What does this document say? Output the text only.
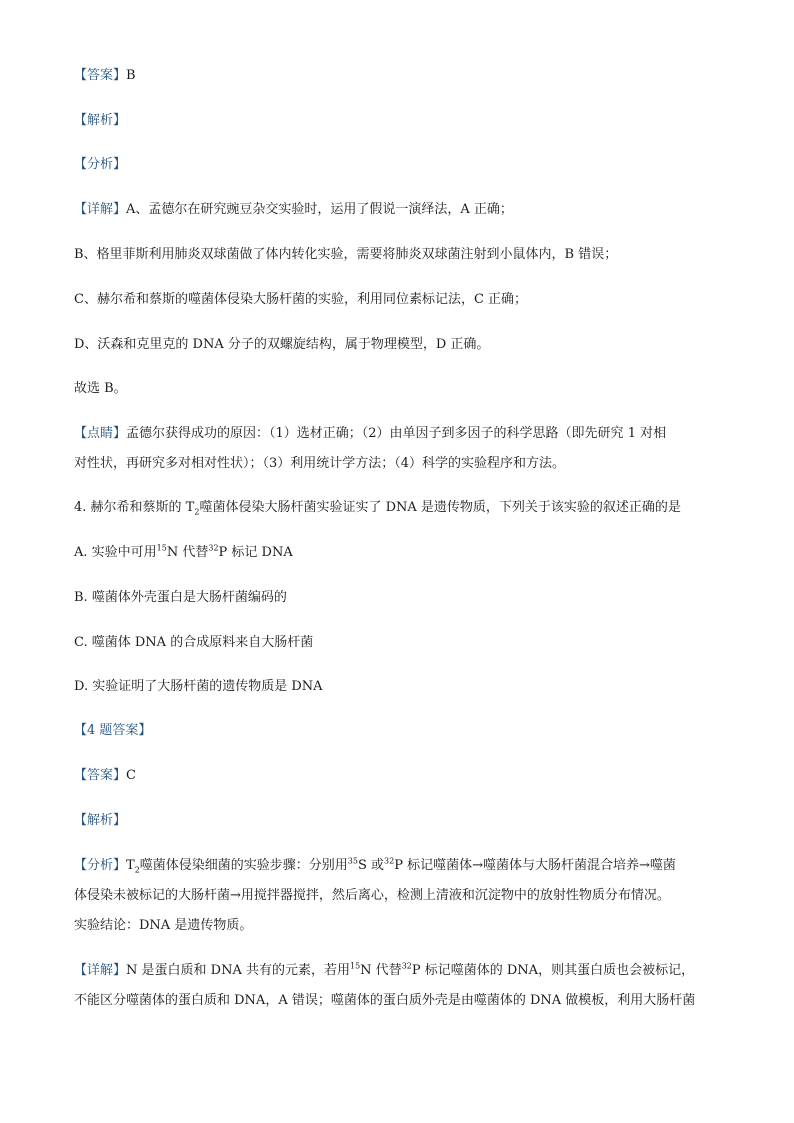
【答案】B
【解析】
【分析】
【详解】A、孟德尔在研究豌豆杂交实验时，运用了假说一演绎法，A 正确；
B、格里菲斯利用肺炎双球菌做了体内转化实验，需要将肺炎双球菌注射到小鼠体内，B 错误；
C、赫尔希和蔡斯的噬菌体侵染大肠杆菌的实验，利用同位素标记法，C 正确；
D、沃森和克里克的 DNA 分子的双螺旋结构，属于物理模型，D 正确。
故选 B。
【点睛】孟德尔获得成功的原因：（1）选材正确；（2）由单因子到多因子的科学思路（即先研究 1 对相
对性状，再研究多对相对性状）；（3）利用统计学方法；（4）科学的实验程序和方法。
4. 赫尔希和蔡斯的 $T_2$噬菌体侵染大肠杆菌实验证实了 DNA 是遗传物质，下列关于该实验的叙述正确的是
A. 实验中可用$^{15}$N 代替$^{32}$P 标记 DNA
B. 噬菌体外壳蛋白是大肠杆菌编码的
C. 噬菌体 DNA 的合成原料来自大肠杆菌
D. 实验证明了大肠杆菌的遗传物质是 DNA
【4 题答案】
【答案】C
【解析】
【分析】$T_2$噬菌体侵染细菌的实验步骤：分别用$^{35}$S 或$^{32}$P 标记噬菌体→噬菌体与大肠杆菌混合培养→噬菌
体侵染未被标记的大肠杆菌→用搅拌器搅拌，然后离心，检测上清液和沉淀物中的放射性物质分布情况。
实验结论：DNA 是遗传物质。
【详解】N 是蛋白质和 DNA 共有的元素，若用$^{15}$N 代替$^{32}$P 标记噬菌体的 DNA，则其蛋白质也会被标记，
不能区分噬菌体的蛋白质和 DNA，A 错误；噬菌体的蛋白质外壳是由噬菌体的 DNA 做模板，利用大肠杆菌
